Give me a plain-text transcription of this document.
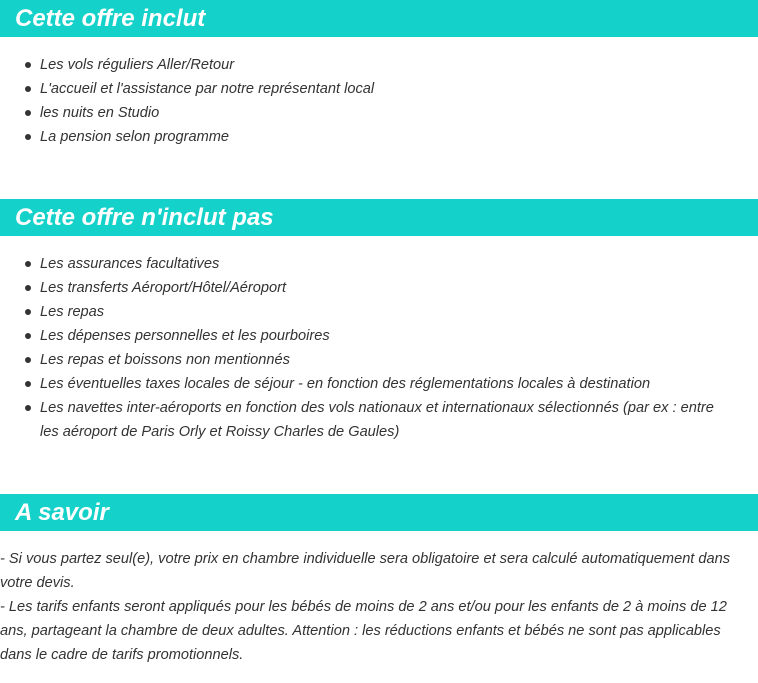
Cette offre inclut
Les vols réguliers Aller/Retour
L'accueil et l'assistance par notre représentant local
les nuits en Studio
La pension selon programme
Cette offre n'inclut pas
Les assurances facultatives
Les transferts Aéroport/Hôtel/Aéroport
Les repas
Les dépenses personnelles et les pourboires
Les repas et boissons non mentionnés
Les éventuelles taxes locales de séjour - en fonction des réglementations locales à destination
Les navettes inter-aéroports en fonction des vols nationaux et internationaux sélectionnés (par ex : entre les aéroport de Paris Orly et Roissy Charles de Gaules)
A savoir

- Si vous partez seul(e), votre prix en chambre individuelle sera obligatoire et sera calculé automatiquement dans votre devis.

- Les tarifs enfants seront appliqués pour les bébés de moins de 2 ans et/ou pour les enfants de 2 à moins de 12 ans, partageant la chambre de deux adultes. Attention : les réductions enfants et bébés ne sont pas applicables dans le cadre de tarifs promotionnels.
